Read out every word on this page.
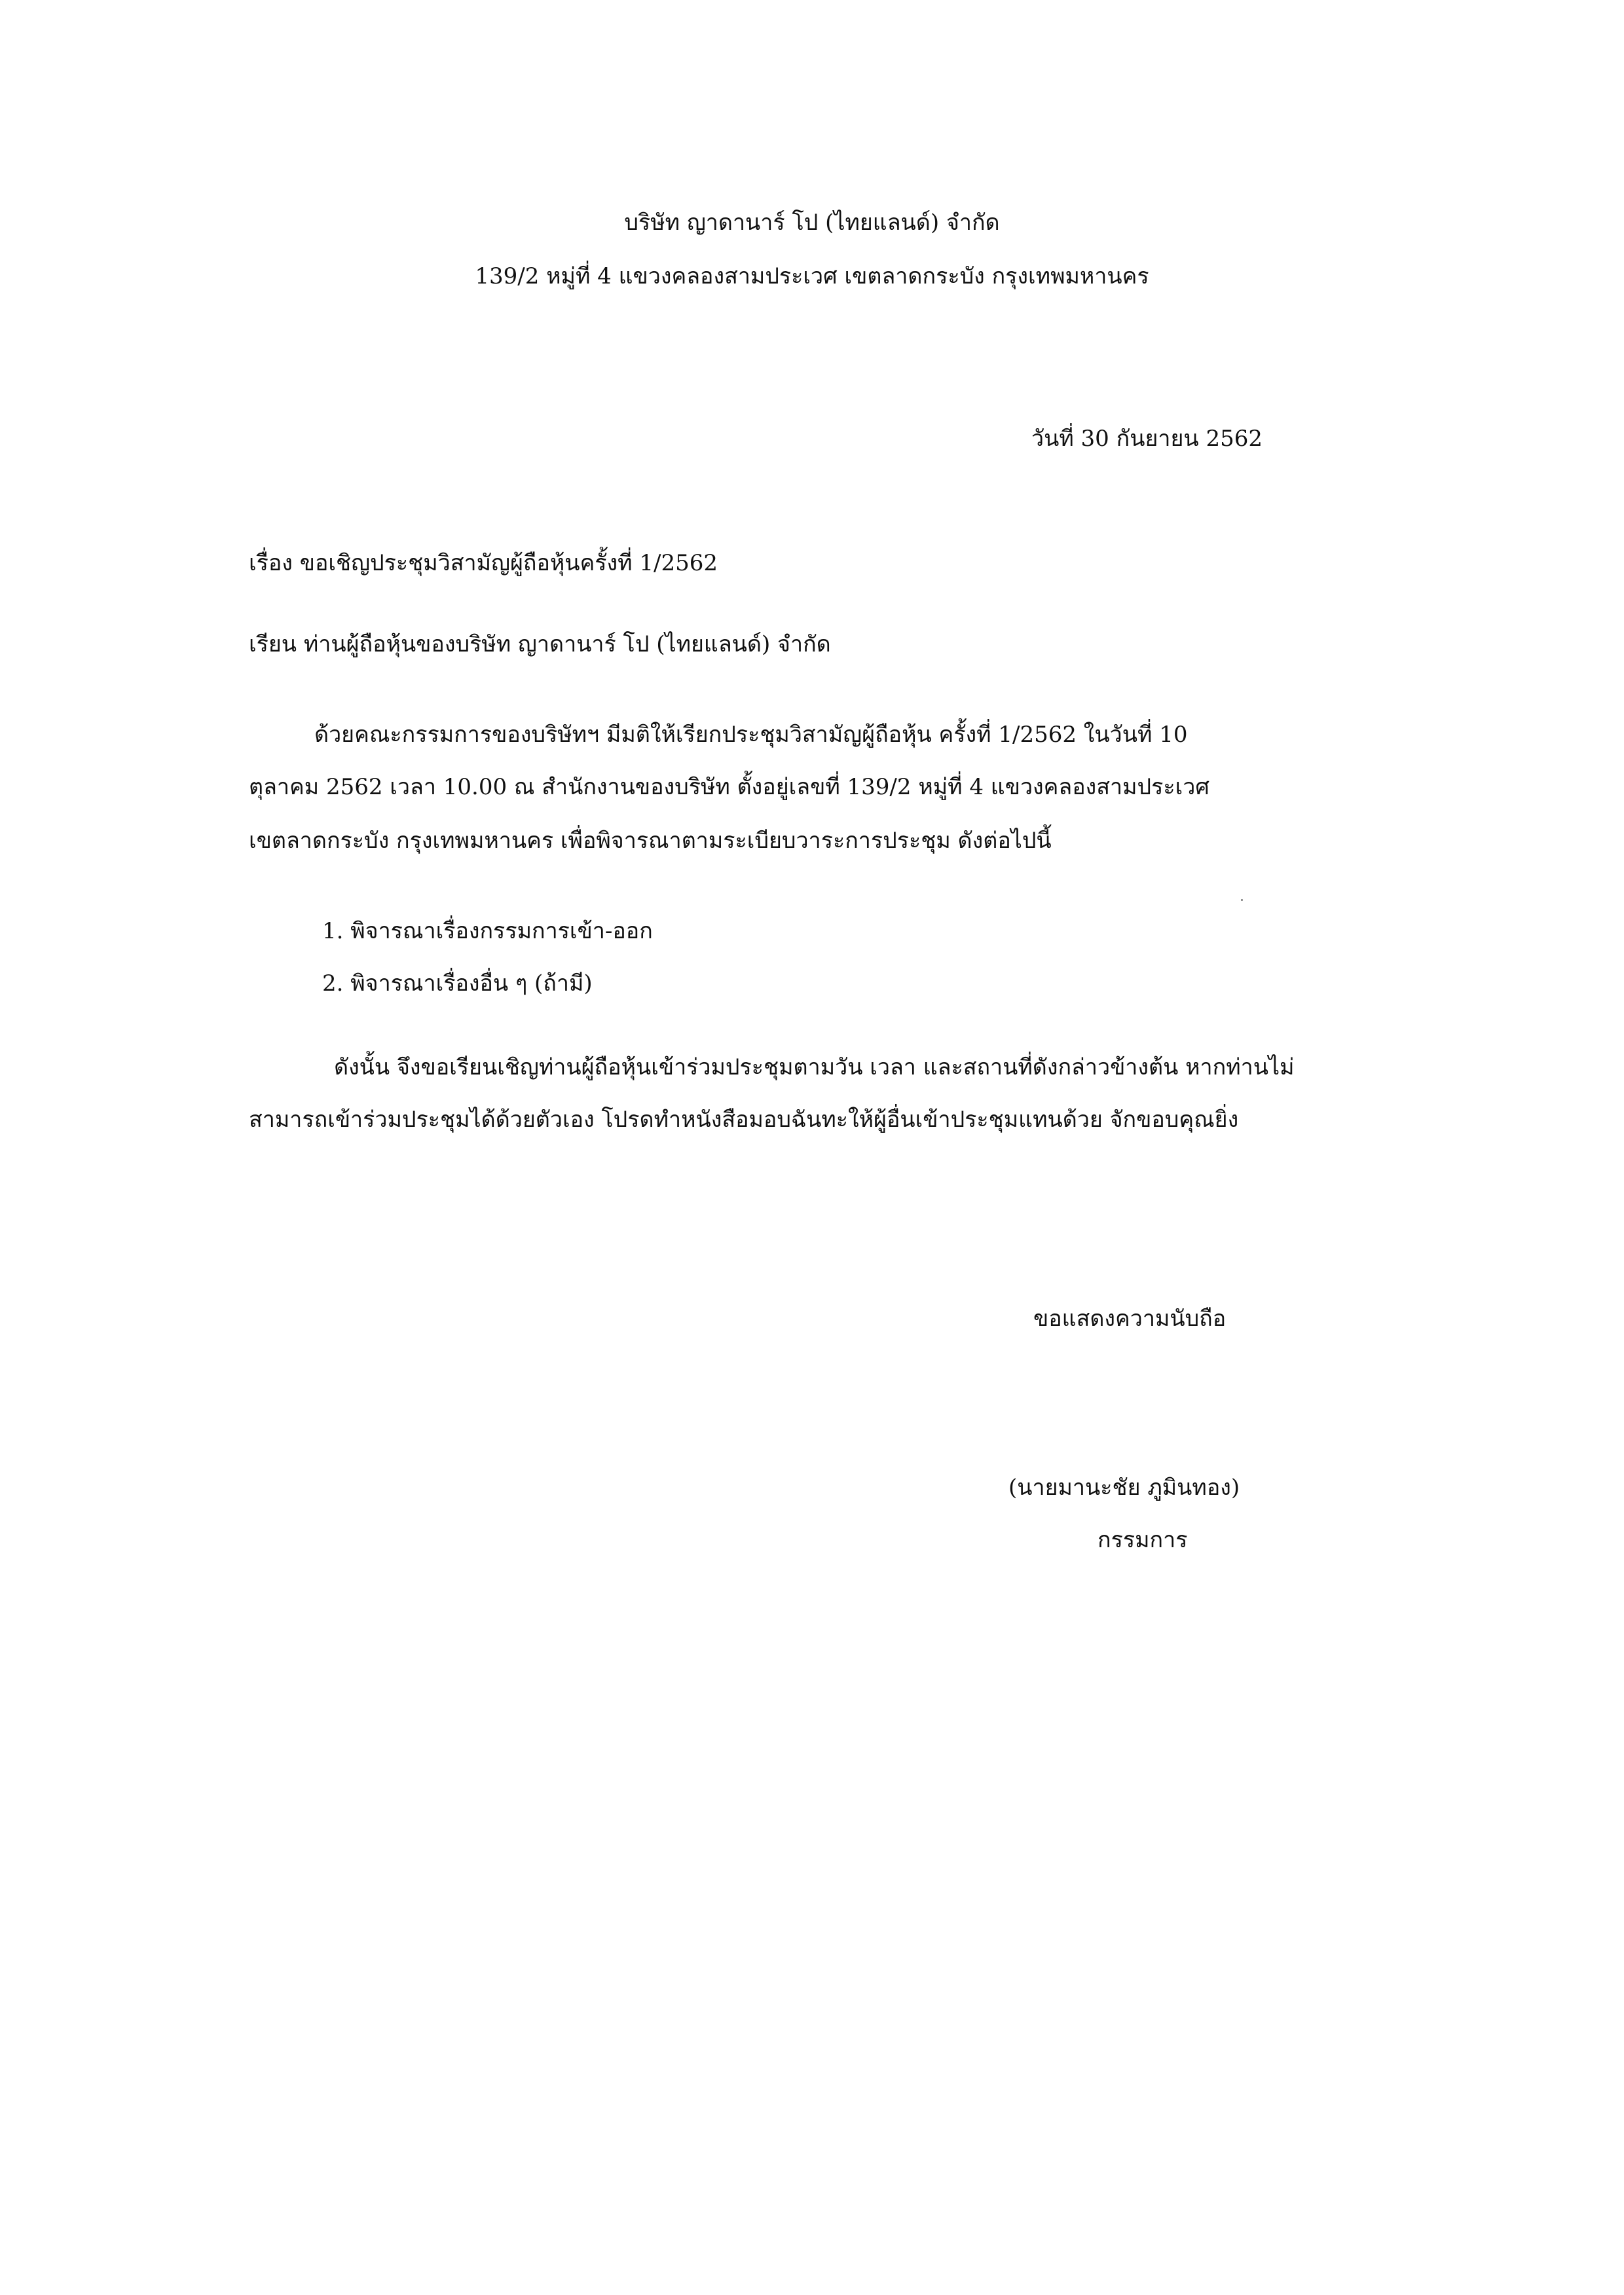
บริษัท ญาดานาร์ โป (ไทยแลนด์) จำกัด
139/2 หมู่ที่ 4 แขวงคลองสามประเวศ เขตลาดกระบัง กรุงเทพมหานคร
วันที่ 30 กันยายน 2562
เรื่อง ขอเชิญประชุมวิสามัญผู้ถือหุ้นครั้งที่ 1/2562
เรียน ท่านผู้ถือหุ้นของบริษัท ญาดานาร์ โป (ไทยแลนด์) จำกัด
ด้วยคณะกรรมการของบริษัทฯ มีมติให้เรียกประชุมวิสามัญผู้ถือหุ้น ครั้งที่ 1/2562 ในวันที่ 10
ตุลาคม 2562 เวลา 10.00 ณ สำนักงานของบริษัท ตั้งอยู่เลขที่ 139/2 หมู่ที่ 4 แขวงคลองสามประเวศ
เขตลาดกระบัง กรุงเทพมหานคร เพื่อพิจารณาตามระเบียบวาระการประชุม ดังต่อไปนี้
1. พิจารณาเรื่องกรรมการเข้า-ออก
2. พิจารณาเรื่องอื่น ๆ (ถ้ามี)
ดังนั้น จึงขอเรียนเชิญท่านผู้ถือหุ้นเข้าร่วมประชุมตามวัน เวลา และสถานที่ดังกล่าวข้างต้น หากท่านไม่
สามารถเข้าร่วมประชุมได้ด้วยตัวเอง โปรดทำหนังสือมอบฉันทะให้ผู้อื่นเข้าประชุมแทนด้วย จักขอบคุณยิ่ง
ขอแสดงความนับถือ
(นายมานะชัย ภูมินทอง)
กรรมการ
